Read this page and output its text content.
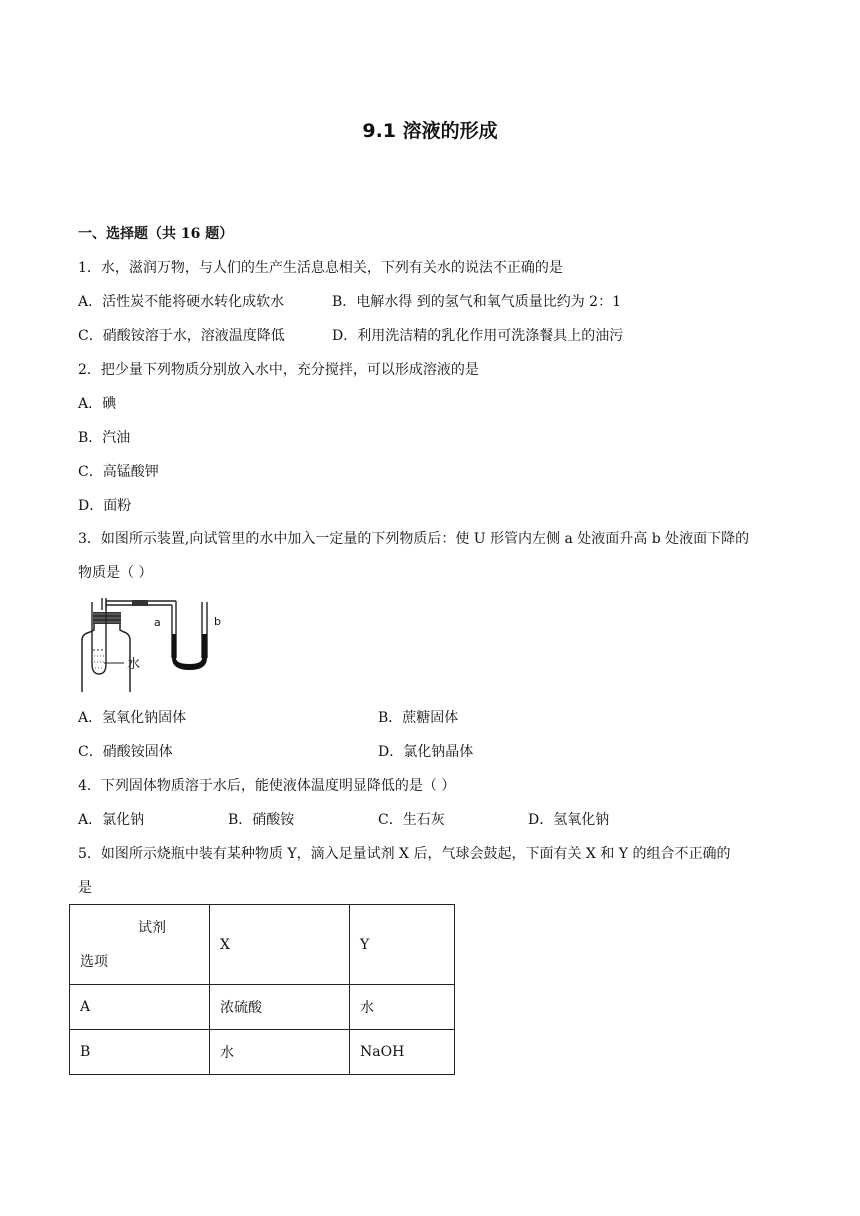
9.1 溶液的形成
一、选择题（共 16 题）
1．水，滋润万物，与人们的生产生活息息相关，下列有关水的说法不正确的是
A．活性炭不能将硬水转化成软水	B．电解水得 到的氢气和氧气质量比约为 2：1
C．硝酸铵溶于水，溶液温度降低	D．利用洗洁精的乳化作用可洗涤餐具上的油污
2．把少量下列物质分别放入水中，充分搅拌，可以形成溶液的是
A．碘
B．汽油
C．高锰酸钾
D．面粉
3．如图所示装置,向试管里的水中加入一定量的下列物质后：使 U 形管内左侧 a 处液面升高 b 处液面下降的
物质是（ ）
水
a	b
A．氢氧化钠固体	B．蔗糖固体
C．硝酸铵固体	D．氯化钠晶体
4．下列固体物质溶于水后，能使液体温度明显降低的是（ ）
A．氯化钠	B．硝酸铵	C．生石灰	D．氢氧化钠
5．如图所示烧瓶中装有某种物质 Y，滴入足量试剂 X 后，气球会鼓起，下面有关 X 和 Y 的组合不正确的
是
试剂
选项	X	Y
A	浓硫酸	水
B	水	NaOH
